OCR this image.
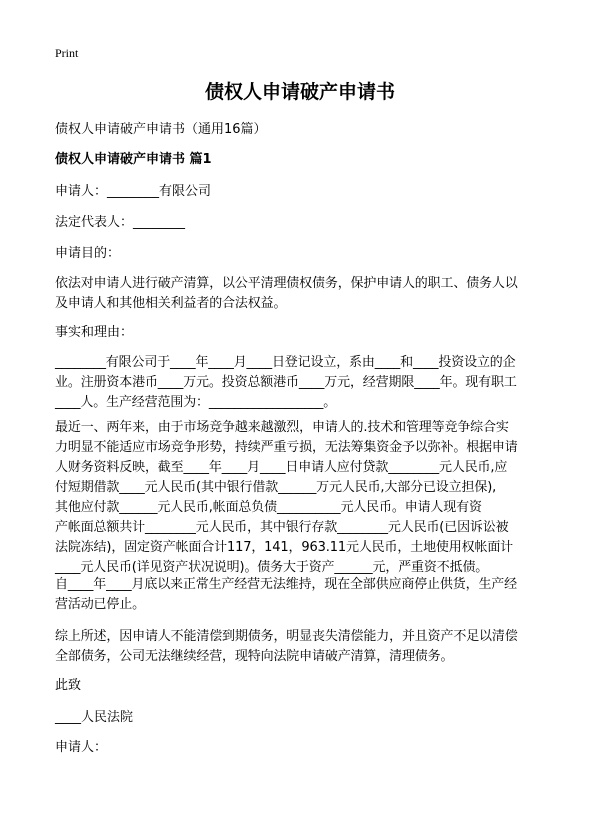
Print
债权人申请破产申请书
债权人申请破产申请书（通用16篇）
债权人申请破产申请书 篇1
申请人：________有限公司
法定代表人：________
申请目的：
依法对申请人进行破产清算，以公平清理债权债务，保护申请人的职工、债务人以
及申请人和其他相关利益者的合法权益。
事实和理由：
________有限公司于____年____月____日登记设立，系由____和____投资设立的企
业。注册资本港币____万元。投资总额港币____万元，经营期限____年。现有职工
____人。生产经营范围为：__________________。
最近一、两年来，由于市场竞争越来越激烈，申请人的.技术和管理等竞争综合实
力明显不能适应市场竞争形势，持续严重亏损，无法筹集资金予以弥补。根据申请
人财务资料反映，截至____年____月____日申请人应付贷款________元人民币,应
付短期借款____元人民币(其中银行借款______万元人民币,大部分已设立担保),
其他应付款______元人民币,帐面总负债__________元人民币。申请人现有资
产帐面总额共计________元人民币，其中银行存款________元人民币(已因诉讼被
法院冻结)，固定资产帐面合计117，141，963.11元人民币，土地使用权帐面计
____元人民币(详见资产状况说明)。债务大于资产______元，严重资不抵债。
自____年____月底以来正常生产经营无法维持，现在全部供应商停止供货，生产经
营活动已停止。
综上所述，因申请人不能清偿到期债务，明显丧失清偿能力，并且资产不足以清偿
全部债务，公司无法继续经营，现特向法院申请破产清算，清理债务。
此致
____人民法院
申请人：
